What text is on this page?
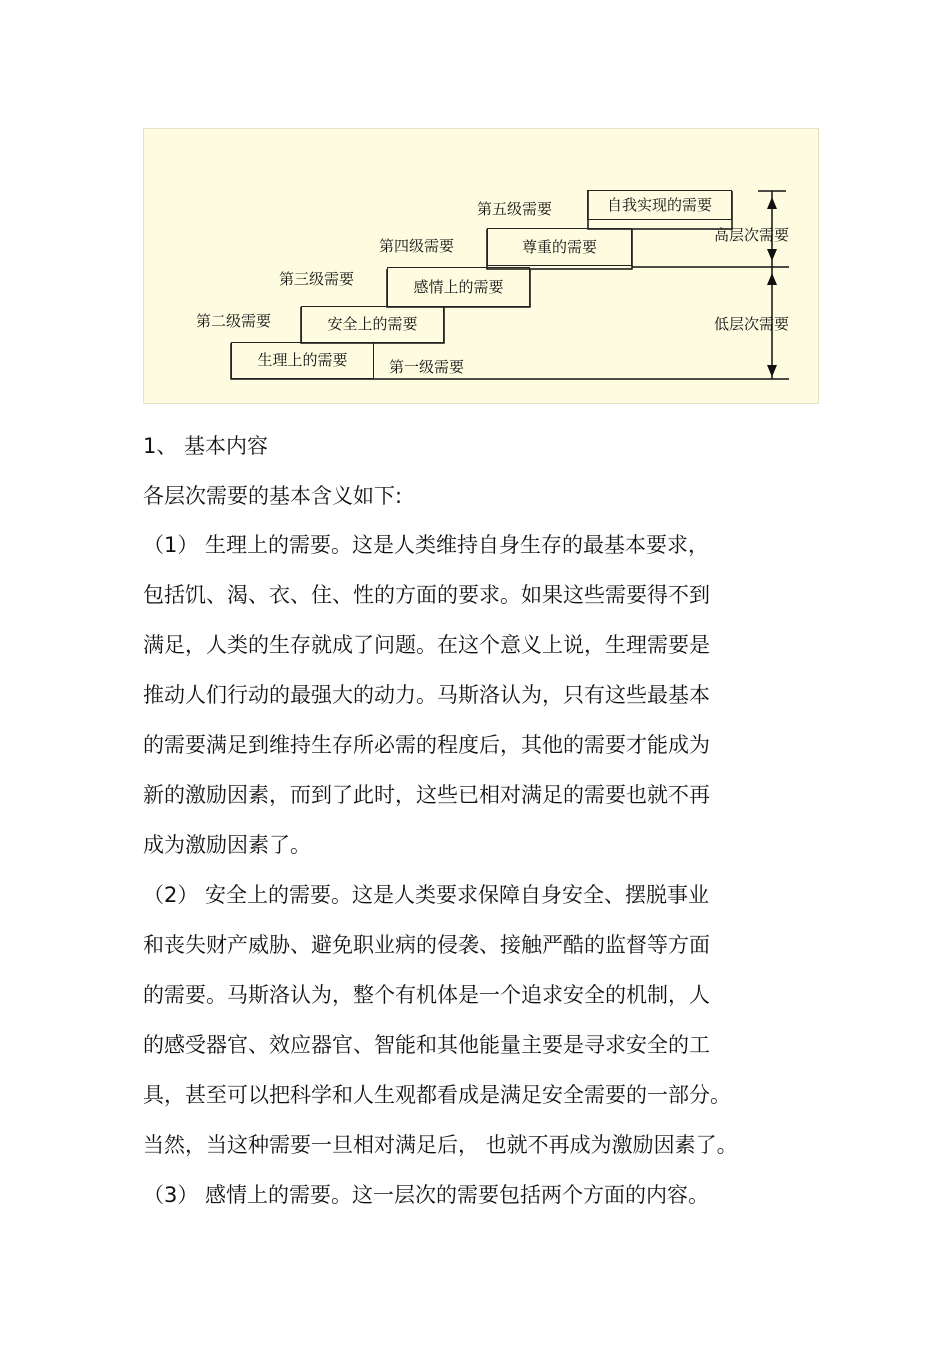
第五级需要
第四级需要
第三级需要
第二级需要
第一级需要
自我实现的需要
尊重的需要
感情上的需要
安全上的需要
生理上的需要
高层次需要
低层次需要
1、 基本内容
各层次需要的基本含义如下:
（1） 生理上的需要。这是人类维持自身生存的最基本要求，
包括饥、渴、衣、住、性的方面的要求。如果这些需要得不到
满足，人类的生存就成了问题。在这个意义上说，生理需要是
推动人们行动的最强大的动力。马斯洛认为，只有这些最基本
的需要满足到维持生存所必需的程度后，其他的需要才能成为
新的激励因素，而到了此时，这些已相对满足的需要也就不再
成为激励因素了。
（2） 安全上的需要。这是人类要求保障自身安全、摆脱事业
和丧失财产威胁、避免职业病的侵袭、接触严酷的监督等方面
的需要。马斯洛认为，整个有机体是一个追求安全的机制，人
的感受器官、效应器官、智能和其他能量主要是寻求安全的工
具，甚至可以把科学和人生观都看成是满足安全需要的一部分。
当然，当这种需要一旦相对满足后， 也就不再成为激励因素了。
（3） 感情上的需要。这一层次的需要包括两个方面的内容。
